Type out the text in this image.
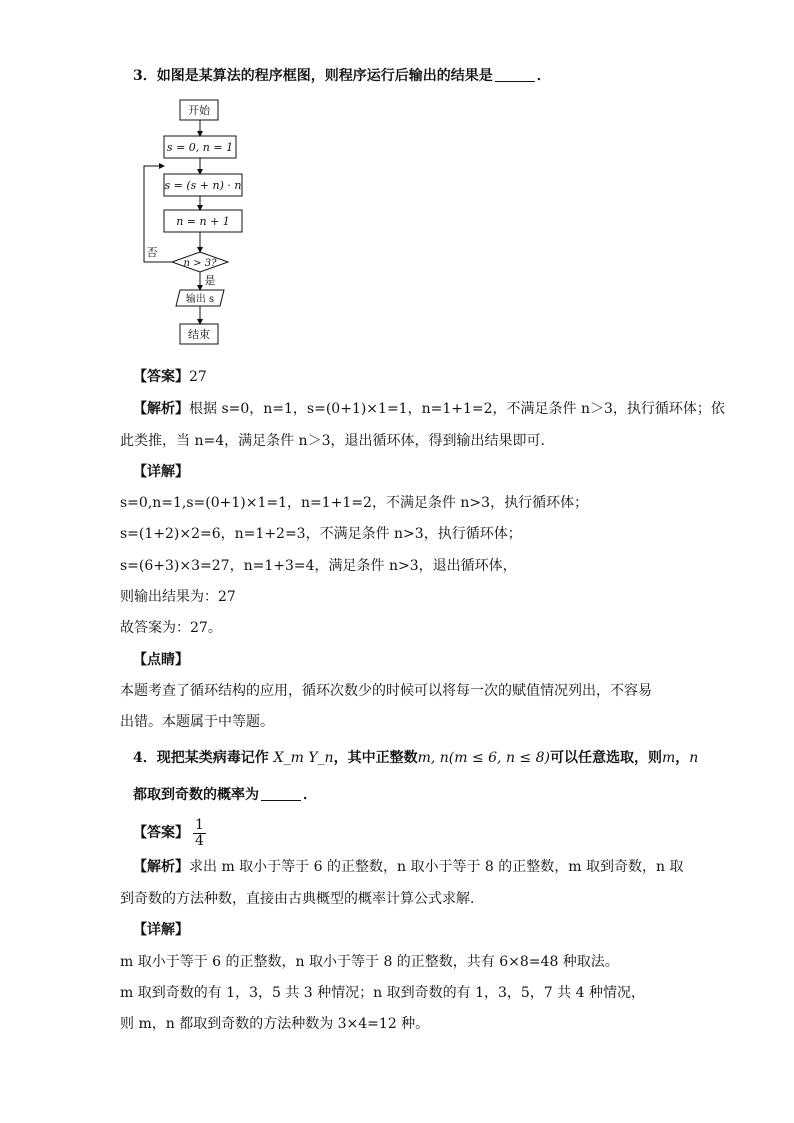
3．如图是某算法的程序框图，则程序运行后输出的结果是	．
开始
s = 0, n = 1
s = (s + n) · n
n = n + 1
n > 3?
输出 s
结束
否
是
【答案】27
【解析】根据 s=0，n=1，s=(0+1)×1=1，n=1+1=2，不满足条件 n＞3，执行循环体；依
此类推，当 n=4，满足条件 n＞3，退出循环体，得到输出结果即可．
【详解】
s=0,n=1,s=(0+1)×1=1，n=1+1=2，不满足条件 n>3，执行循环体；
s=(1+2)×2=6，n=1+2=3，不满足条件 n>3，执行循环体；
s=(6+3)×3=27，n=1+3=4，满足条件 n>3，退出循环体，
则输出结果为：27
故答案为：27。
【点睛】
本题考查了循环结构的应用，循环次数少的时候可以将每一次的赋值情况列出，不容易
出错。本题属于中等题。
4．现把某类病毒记作 X_m Y_n，其中正整数m, n(m ≤ 6, n ≤ 8)可以任意选取，则m，n
都取到奇数的概率为	．
【答案】 $\frac{1}{4}$
【解析】求出 m 取小于等于 6 的正整数，n 取小于等于 8 的正整数，m 取到奇数，n 取
到奇数的方法种数，直接由古典概型的概率计算公式求解．
【详解】
m 取小于等于 6 的正整数，n 取小于等于 8 的正整数，共有 6×8=48 种取法。
m 取到奇数的有 1，3，5 共 3 种情况；n 取到奇数的有 1，3，5，7 共 4 种情况，
则 m，n 都取到奇数的方法种数为 3×4=12 种。
